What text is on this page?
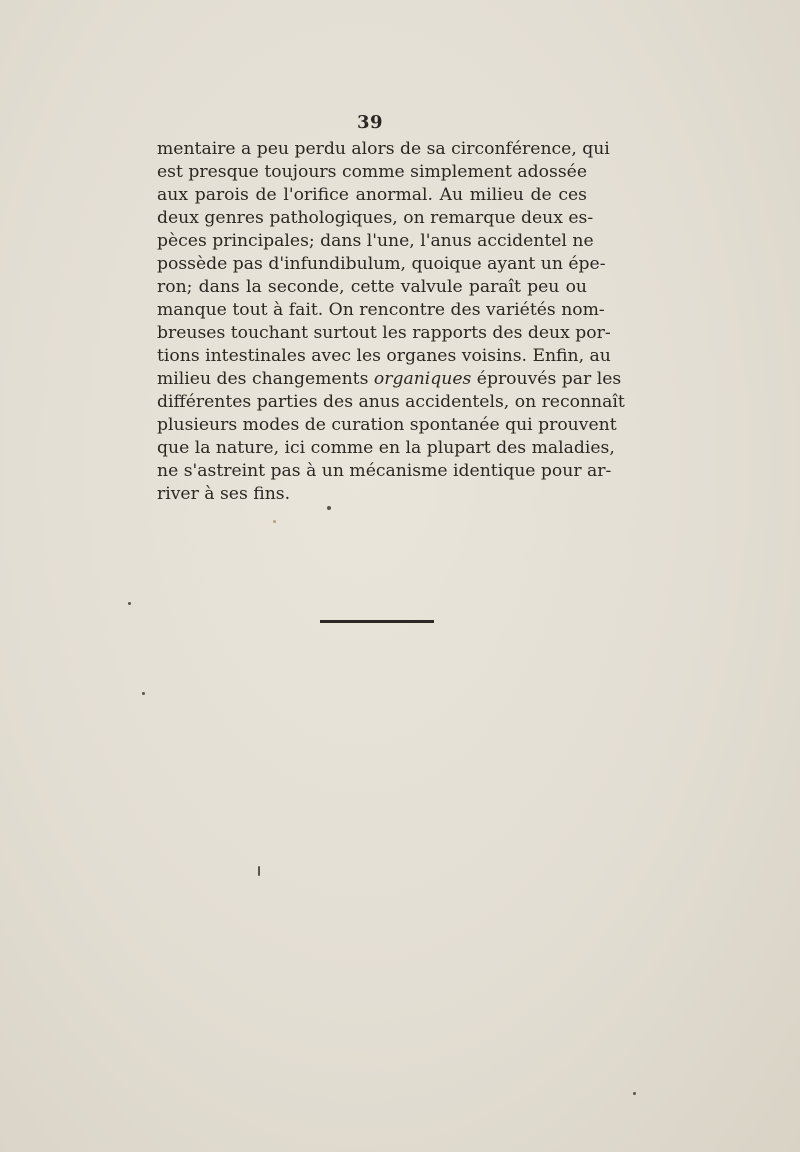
39
mentaire a peu perdu alors de sa circonférence, qui
est presque toujours comme simplement adossée
aux parois de l'orifice anormal. Au milieu de ces
deux genres pathologiques, on remarque deux es-
pèces principales; dans l'une, l'anus accidentel ne
possède pas d'infundibulum, quoique ayant un épe-
ron; dans la seconde, cette valvule paraît peu ou
manque tout à fait. On rencontre des variétés nom-
breuses touchant surtout les rapports des deux por-
tions intestinales avec les organes voisins. Enfin, au
milieu des changements organiques éprouvés par les
différentes parties des anus accidentels, on reconnaît
plusieurs modes de curation spontanée qui prouvent
que la nature, ici comme en la plupart des maladies,
ne s'astreint pas à un mécanisme identique pour ar-
river à ses fins.
